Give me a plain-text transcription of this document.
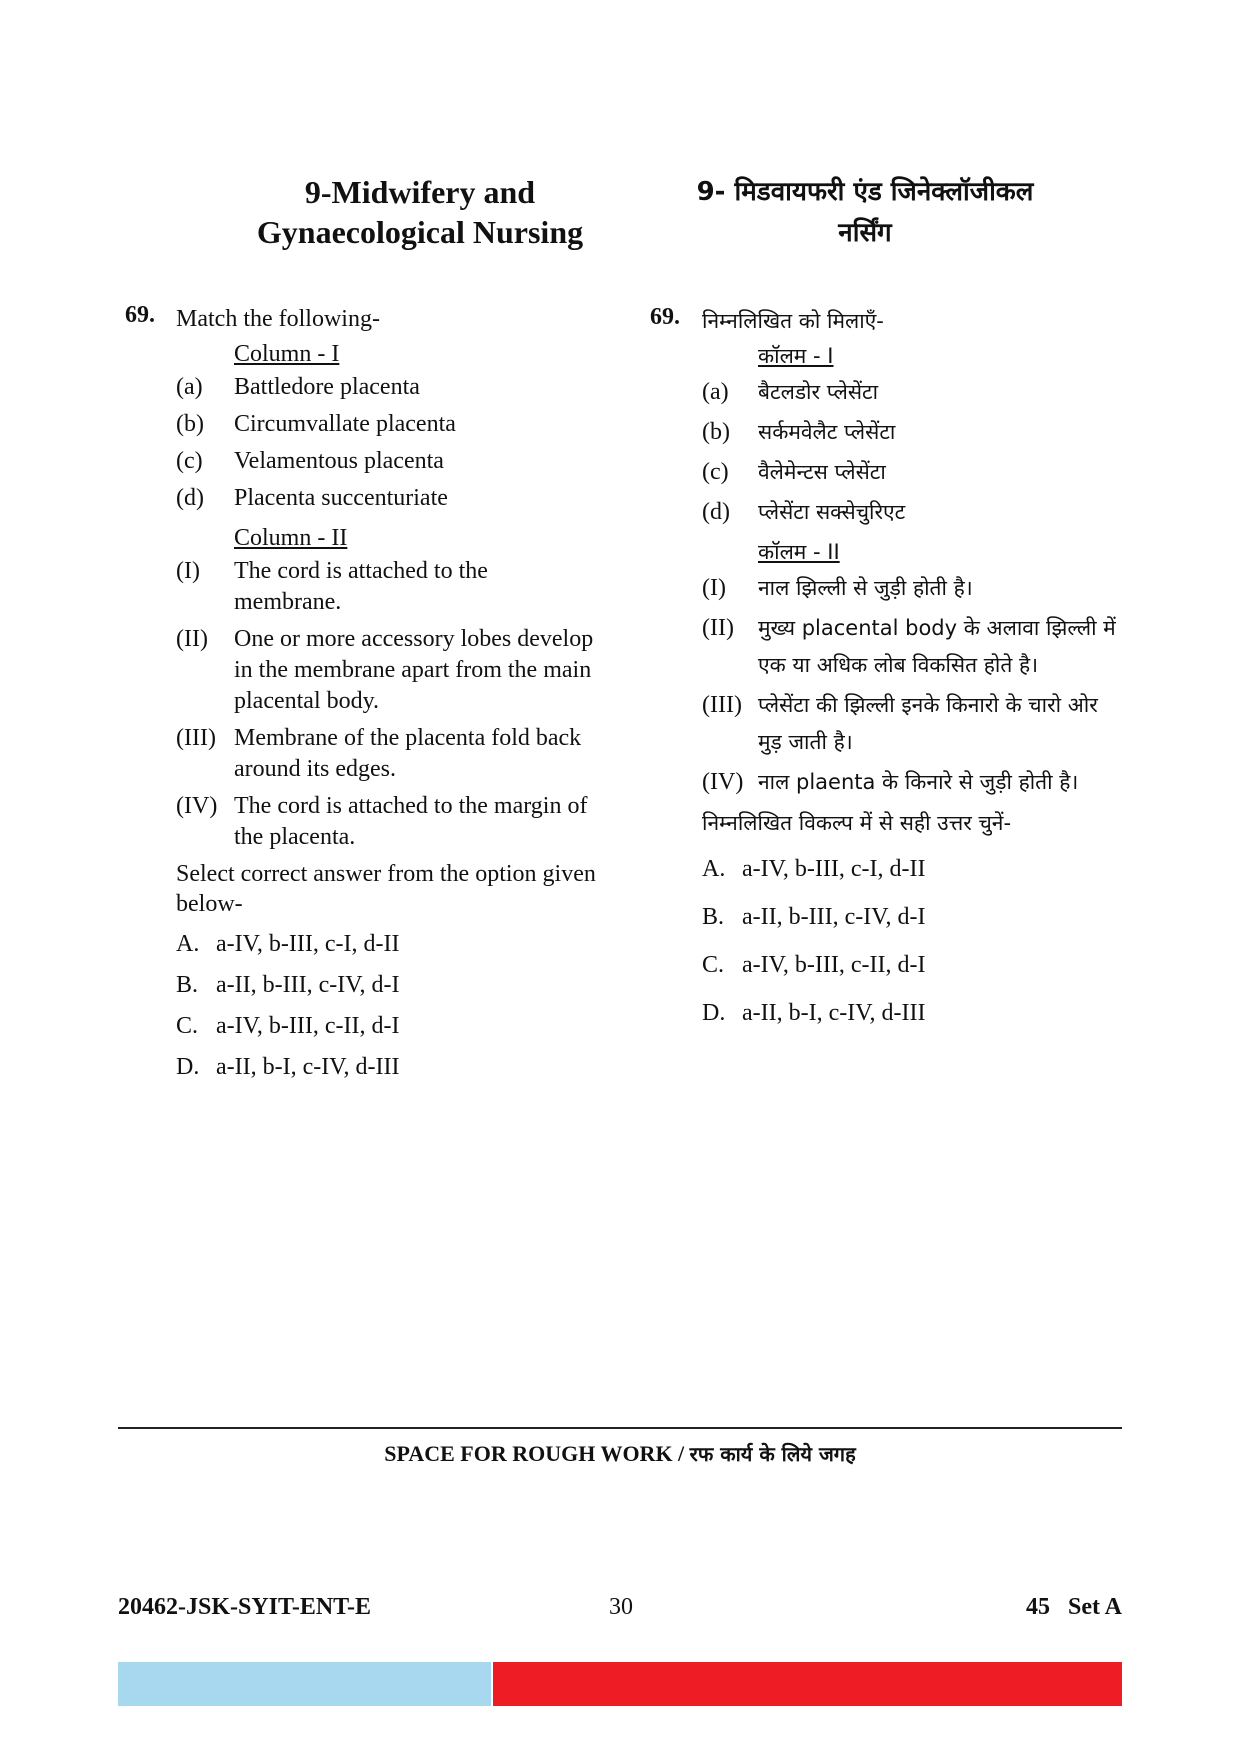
9-Midwifery and
Gynaecological Nursing
69. Match the following-
Column - I
(a)	Battledore placenta
(b)	Circumvallate placenta
(c)	Velamentous placenta
(d)	Placenta succenturiate
Column - II
(I)	The cord is attached to the membrane.
(II)	One or more accessory lobes develop in the membrane apart from the main placental body.
(III) Membrane of the placenta fold back around its edges.
(IV) The cord is attached to the margin of the placenta.
Select correct answer from the option given below-
A. a-IV, b-III, c-I, d-II
B. a-II, b-III, c-IV, d-I
C. a-IV, b-III, c-II, d-I
D. a-II, b-I, c-IV, d-III
9- मिडवायफरी एंड जिनेक्लॉजीकल
नर्सिंग
69. निम्नलिखित को मिलाएँ-
कॉलम - I
(a)	बैटलडोर प्लेसेंटा
(b)	सर्कमवेलैट प्लेसेंटा
(c)	वैलेमेन्टस प्लेसेंटा
(d)	प्लेसेंटा सक्सेचुरिएट
कॉलम - II
(I)	नाल झिल्ली से जुड़ी होती है।
(II)	मुख्य placental body के अलावा झिल्ली में एक या अधिक लोब विकसित होते है।
(III) प्लेसेंटा की झिल्ली इनके किनारो के चारो ओर मुड़ जाती है।
(IV) नाल plaenta के किनारे से जुड़ी होती है।
निम्नलिखित विकल्प में से सही उत्तर चुनें-
A. a-IV, b-III, c-I, d-II
B. a-II, b-III, c-IV, d-I
C. a-IV, b-III, c-II, d-I
D. a-II, b-I, c-IV, d-III
SPACE FOR ROUGH WORK / रफ कार्य के लिये जगह
20462-JSK-SYIT-ENT-E	30	45   Set A
